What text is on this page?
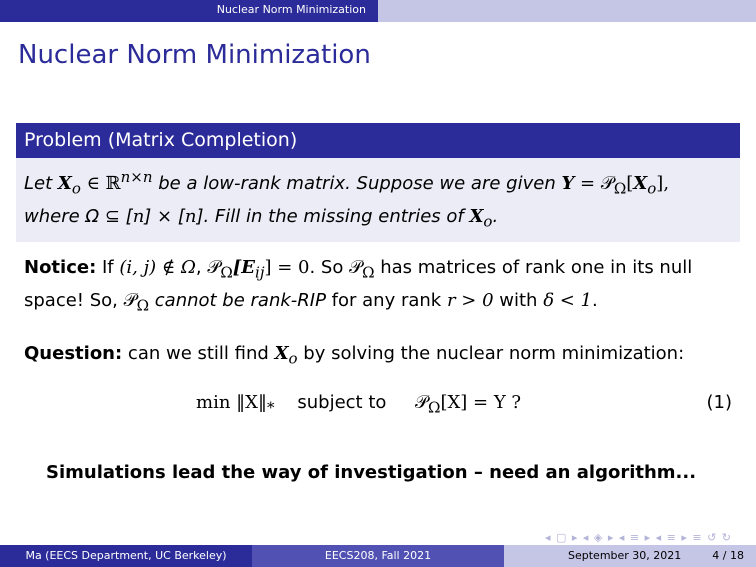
Nuclear Norm Minimization
Nuclear Norm Minimization
Problem (Matrix Completion)
Let $X_o$ ∈ ℝ$^{n\times n}$ be a low-rank matrix. Suppose we are given $Y = 𝒫_\Omega[X_o]$,
where Ω ⊆ [n] × [n]. Fill in the missing entries of $X_o$.
Notice: If (i, j) ∉ Ω, $𝒫_\Omega[E_{ij}] = 0$. So 𝒫$_\Omega$ has matrices of rank one in its null space! So, 𝒫$_\Omega$ cannot be rank-RIP for any rank r > 0 with δ < 1.
Question: can we still find $X_o$ by solving the nuclear norm minimization:
$\min ‖X‖_*$ subject to 𝒫$_\Omega$[X] = Y ?	(1)
Simulations lead the way of investigation – need an algorithm...
◂ ▢ ▸ ◂ ◈ ▸ ◂ ≡ ▸ ◂ ≡ ▸ ≡ ↺ ↻
Ma (EECS Department, UC Berkeley)	EECS208, Fall 2021	September 30, 2021	4 / 18
